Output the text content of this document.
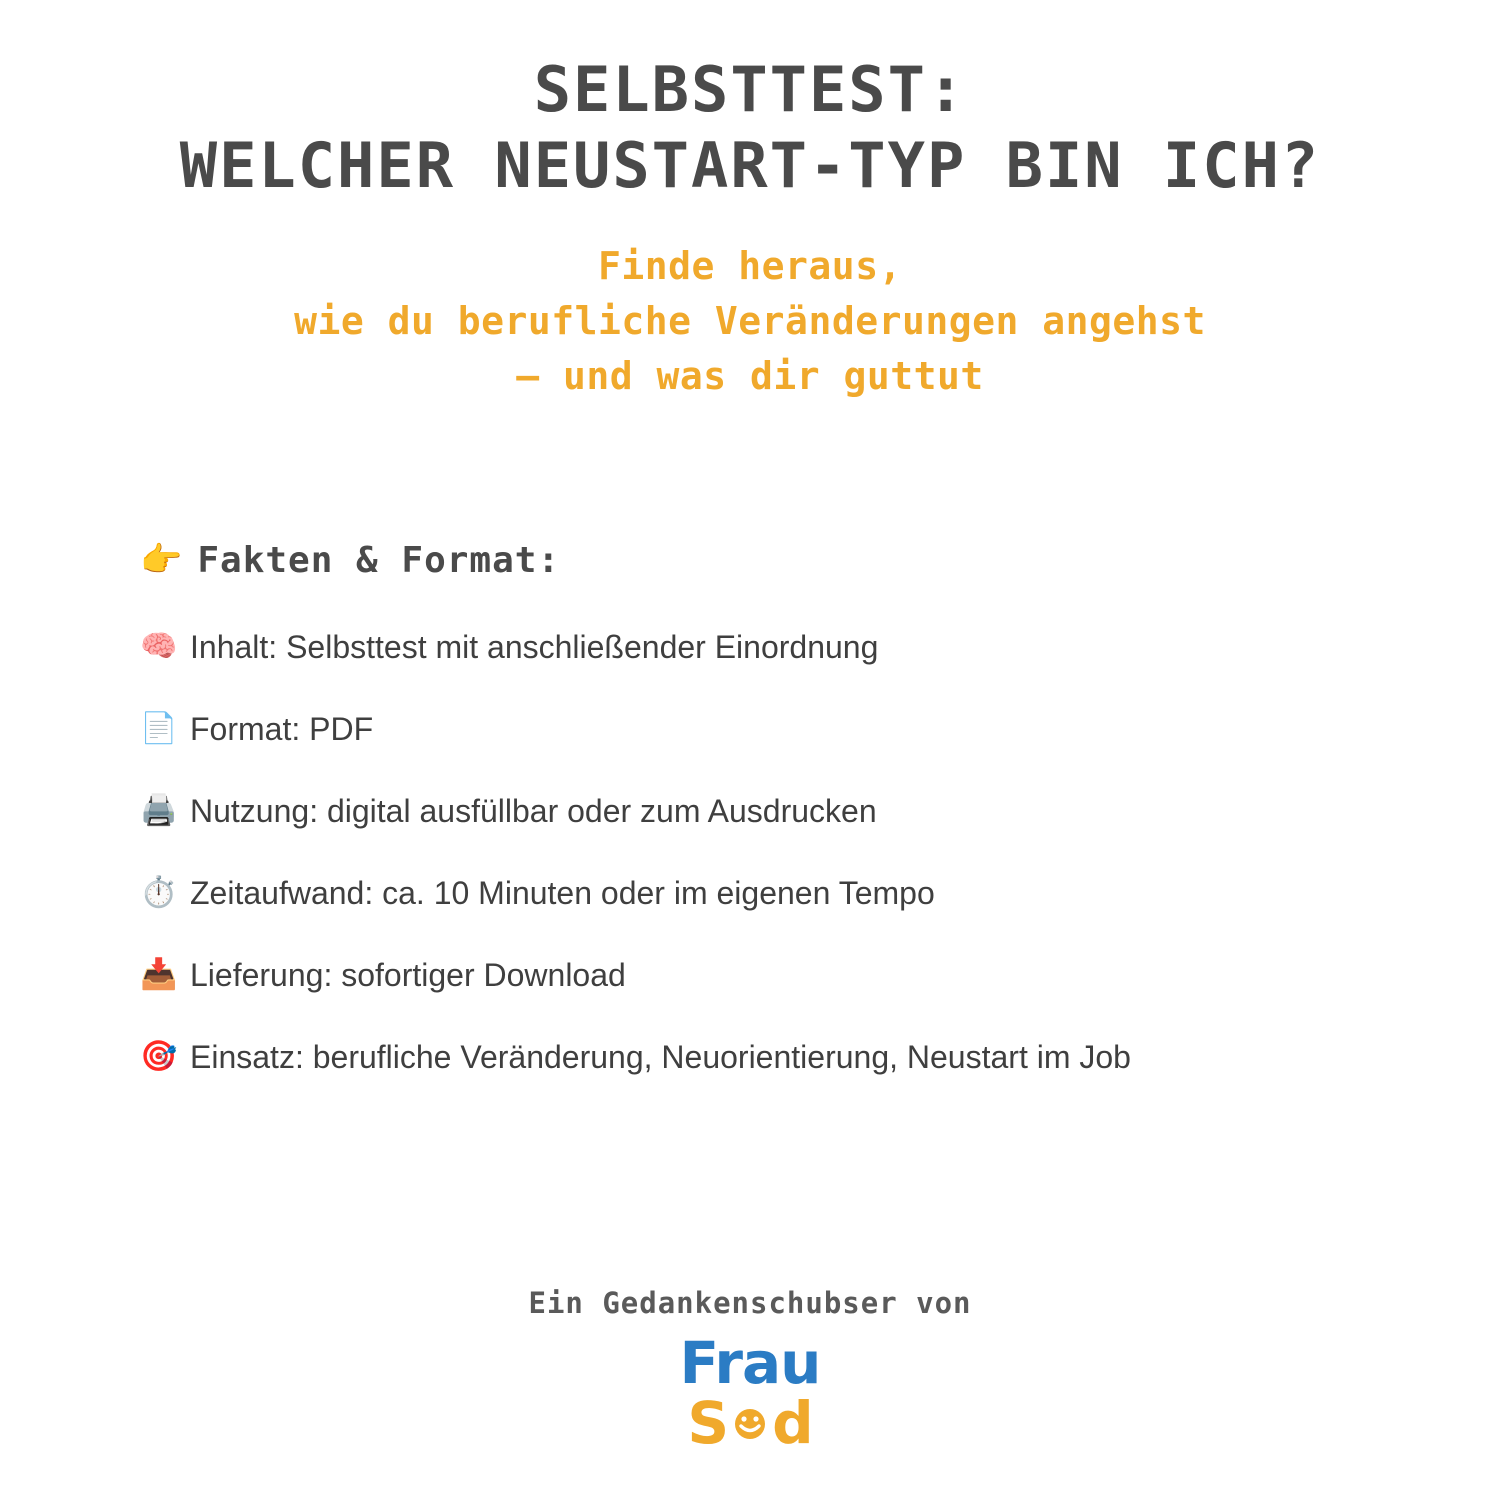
SELBSTTEST:
WELCHER NEUSTART-TYP BIN ICH?
Finde heraus,
wie du berufliche Veränderungen angehst
– und was dir guttut
👉 Fakten & Format:
🧠 Inhalt: Selbsttest mit anschließender Einordnung
📄 Format: PDF
🖨️ Nutzung: digital ausfüllbar oder zum Ausdrucken
⏱️ Zeitaufwand: ca. 10 Minuten oder im eigenen Tempo
📥 Lieferung: sofortiger Download
🎯 Einsatz: berufliche Veränderung, Neuorientierung, Neustart im Job
Ein Gedankenschubser von
Frau
S d
